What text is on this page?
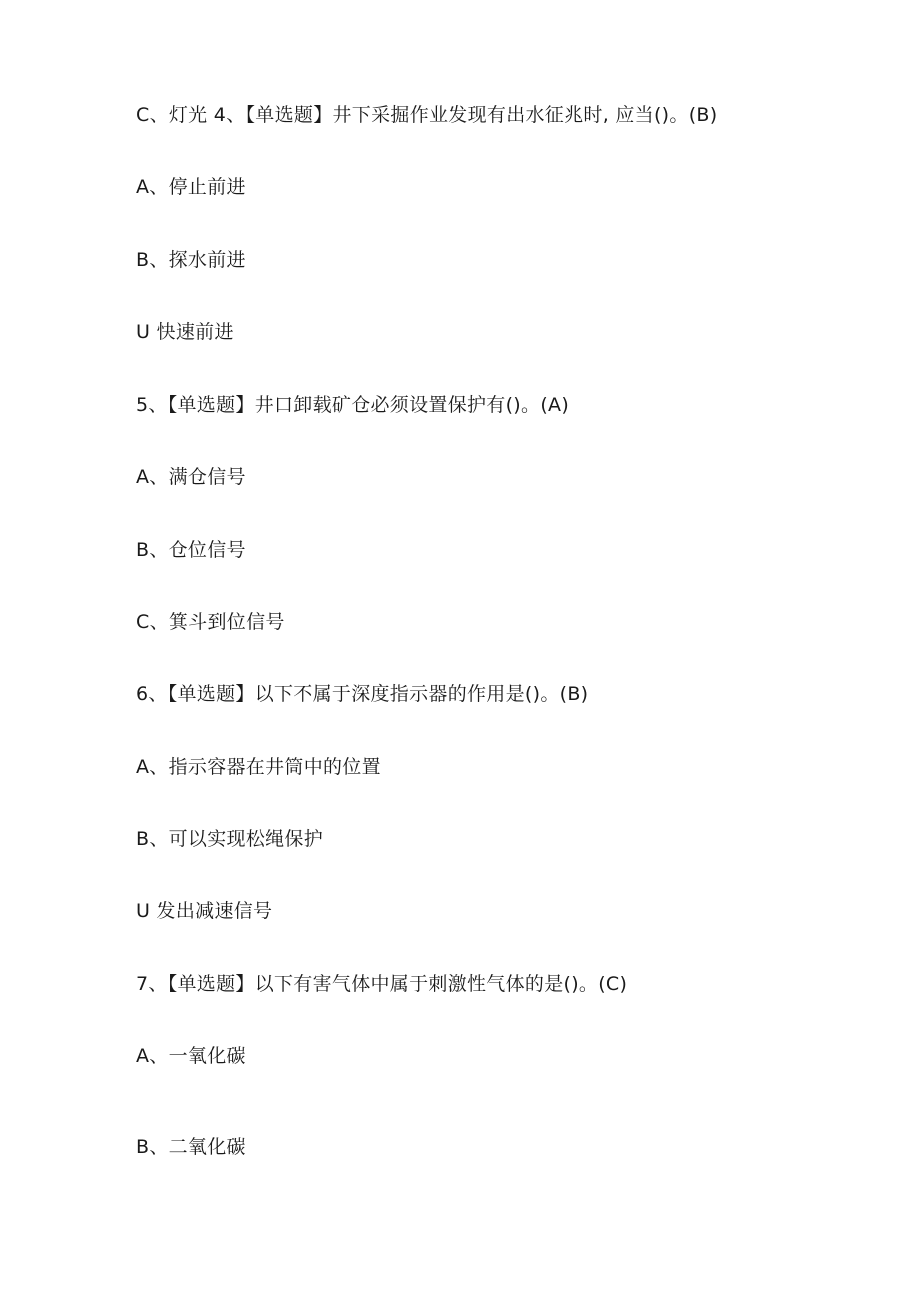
C、灯光 4、【单选题】井下采掘作业发现有出水征兆时, 应当()。(B)
A、停止前进
B、探水前进
U 快速前进
5、【单选题】井口卸载矿仓必须设置保护有()。(A)
A、满仓信号
B、仓位信号
C、箕斗到位信号
6、【单选题】以下不属于深度指示器的作用是()。(B)
A、指示容器在井筒中的位置
B、可以实现松绳保护
U 发出减速信号
7、【单选题】以下有害气体中属于刺激性气体的是()。(C)
A、一氧化碳
B、二氧化碳
